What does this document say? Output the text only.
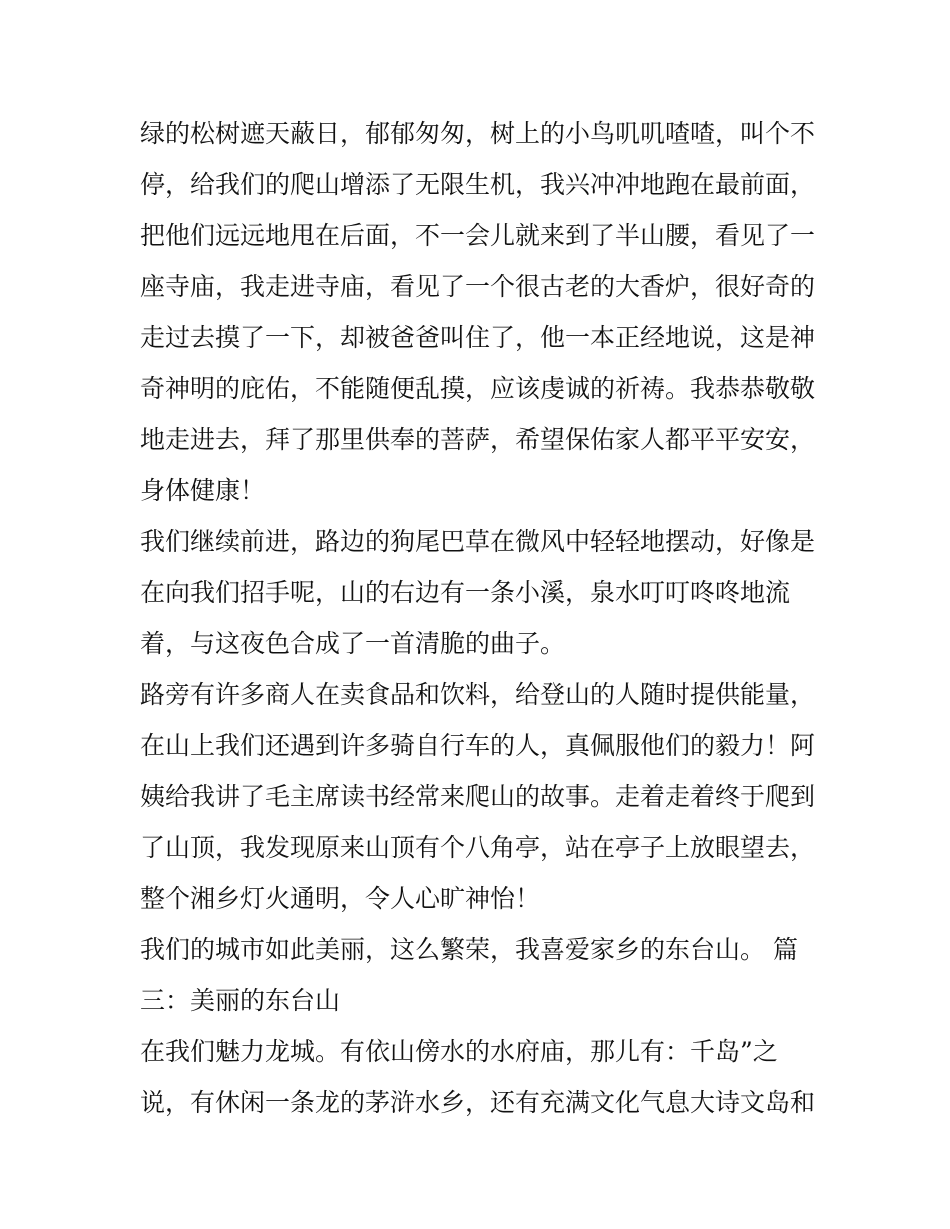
绿的松树遮天蔽日，郁郁匆匆，树上的小鸟叽叽喳喳，叫个不
停，给我们的爬山增添了无限生机，我兴冲冲地跑在最前面，
把他们远远地甩在后面，不一会儿就来到了半山腰，看见了一
座寺庙，我走进寺庙，看见了一个很古老的大香炉，很好奇的
走过去摸了一下，却被爸爸叫住了，他一本正经地说，这是神
奇神明的庇佑，不能随便乱摸，应该虔诚的祈祷。我恭恭敬敬
地走进去，拜了那里供奉的菩萨，希望保佑家人都平平安安，
身体健康！
我们继续前进，路边的狗尾巴草在微风中轻轻地摆动，好像是
在向我们招手呢，山的右边有一条小溪，泉水叮叮咚咚地流
着，与这夜色合成了一首清脆的曲子。
路旁有许多商人在卖食品和饮料，给登山的人随时提供能量，
在山上我们还遇到许多骑自行车的人，真佩服他们的毅力！阿
姨给我讲了毛主席读书经常来爬山的故事。走着走着终于爬到
了山顶，我发现原来山顶有个八角亭，站在亭子上放眼望去，
整个湘乡灯火通明，令人心旷神怡！
我们的城市如此美丽，这么繁荣，我喜爱家乡的东台山。 篇
三：美丽的东台山
在我们魅力龙城。有依山傍水的水府庙，那儿有：千岛”之
说，有休闲一条龙的茅浒水乡，还有充满文化气息大诗文岛和
